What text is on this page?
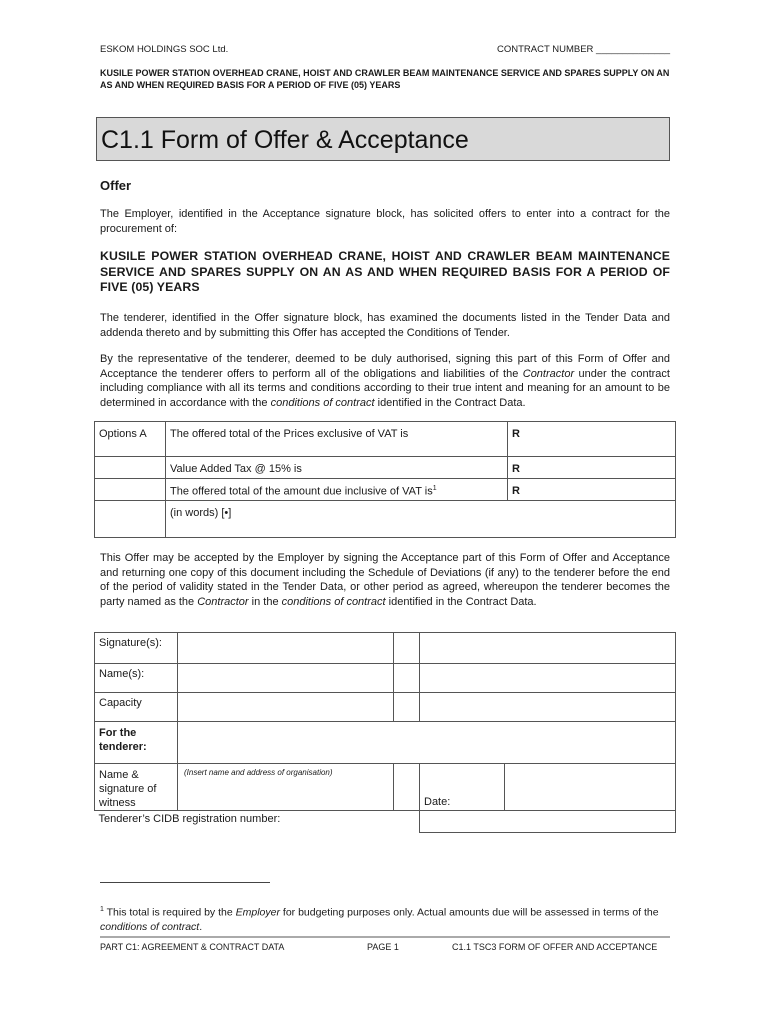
ESKOM HOLDINGS SOC Ltd.	CONTRACT NUMBER ______________
KUSILE POWER STATION OVERHEAD CRANE, HOIST AND CRAWLER BEAM MAINTENANCE SERVICE AND SPARES SUPPLY ON AN AS AND WHEN REQUIRED BASIS FOR A PERIOD OF FIVE (05) YEARS
C1.1 Form of Offer & Acceptance
Offer
The Employer, identified in the Acceptance signature block, has solicited offers to enter into a contract for the procurement of:
KUSILE POWER STATION OVERHEAD CRANE, HOIST AND CRAWLER BEAM MAINTENANCE SERVICE AND SPARES SUPPLY ON AN AS AND WHEN REQUIRED BASIS FOR A PERIOD OF FIVE (05) YEARS
The tenderer, identified in the Offer signature block, has examined the documents listed in the Tender Data and addenda thereto and by submitting this Offer has accepted the Conditions of Tender.
By the representative of the tenderer, deemed to be duly authorised, signing this part of this Form of Offer and Acceptance the tenderer offers to perform all of the obligations and liabilities of the Contractor under the contract including compliance with all its terms and conditions according to their true intent and meaning for an amount to be determined in accordance with the conditions of contract identified in the Contract Data.
Options A	The offered total of the Prices exclusive of VAT is	R
	Value Added Tax @ 15% is	R
	The offered total of the amount due inclusive of VAT $is^1$	R
	(in words) [•]	
This Offer may be accepted by the Employer by signing the Acceptance part of this Form of Offer and Acceptance and returning one copy of this document including the Schedule of Deviations (if any) to the tenderer before the end of the period of validity stated in the Tender Data, or other period as agreed, whereupon the tenderer becomes the party named as the Contractor in the conditions of contract identified in the Contract Data.
Signature(s):				
Name(s):				
Capacity				
For the tenderer:				
Name & signature of witness	(Insert name and address of organisation)		Date:	
Tenderer’s CIDB registration number:				
$^1$ This total is required by the Employer for budgeting purposes only. Actual amounts due will be assessed in terms of the conditions of contract.
PART C1: AGREEMENT & CONTRACT DATA	PAGE 1	C1.1 TSC3 FORM OF OFFER AND ACCEPTANCE
